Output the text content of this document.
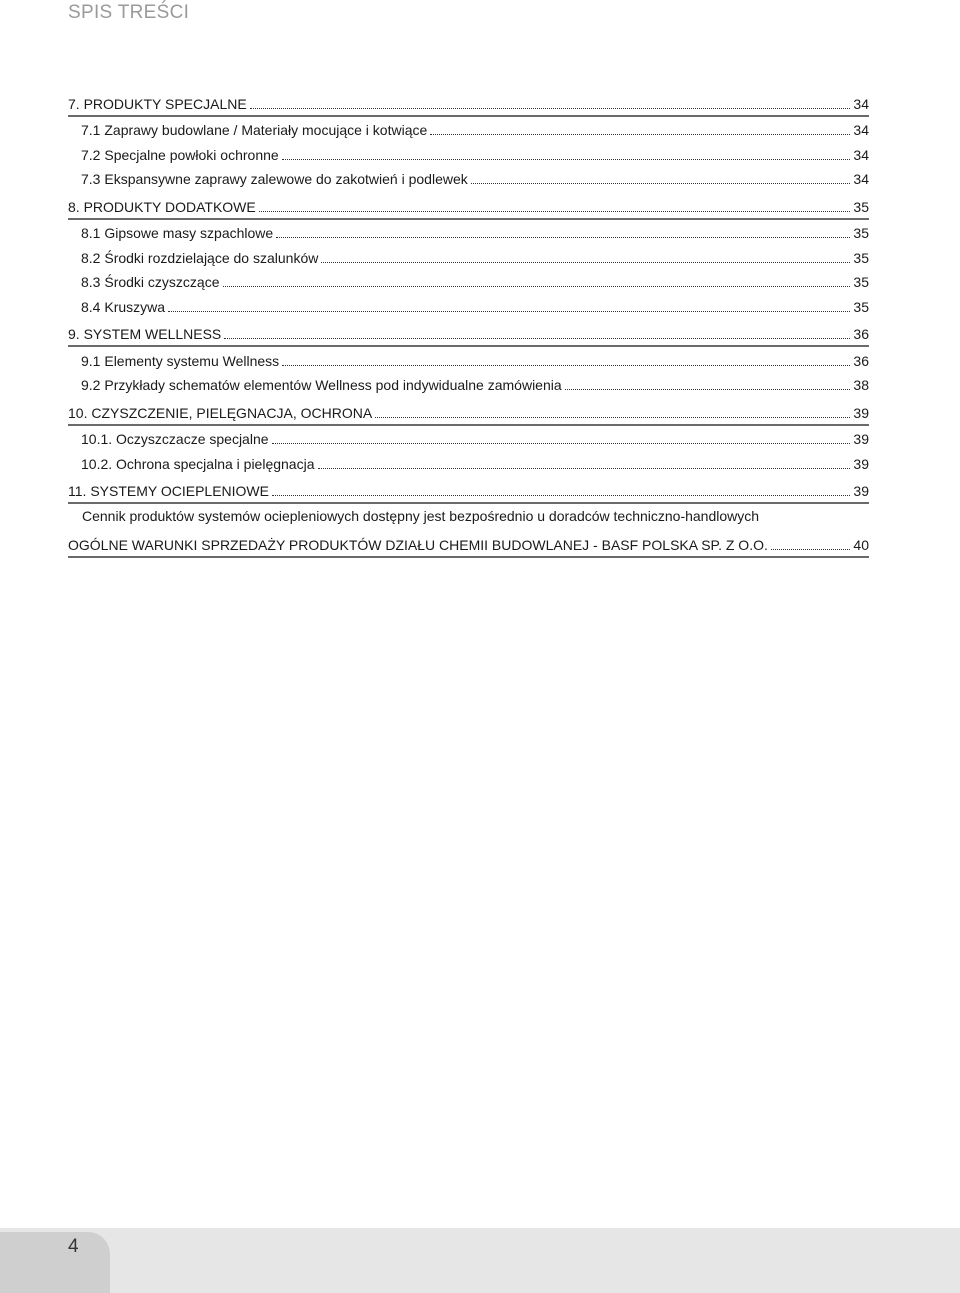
SPIS TREŚCI
7. PRODUKTY SPECJALNE	34
7.1 Zaprawy budowlane / Materiały mocujące i kotwiące	34
7.2 Specjalne powłoki ochronne	34
7.3 Ekspansywne zaprawy zalewowe do zakotwień i podlewek	34
8. PRODUKTY DODATKOWE	35
8.1 Gipsowe masy szpachlowe	35
8.2 Środki rozdzielające do szalunków	35
8.3 Środki czyszczące	35
8.4 Kruszywa	35
9. SYSTEM WELLNESS	36
9.1 Elementy systemu Wellness	36
9.2 Przykłady schematów elementów Wellness pod indywidualne zamówienia	38
10. CZYSZCZENIE, PIELĘGNACJA, OCHRONA	39
10.1. Oczyszczacze specjalne	39
10.2. Ochrona specjalna i pielęgnacja	39
11. SYSTEMY OCIEPLENIOWE	39
Cennik produktów systemów ociepleniowych dostępny jest bezpośrednio u doradców techniczno-handlowych
OGÓLNE WARUNKI SPRZEDAŻY PRODUKTÓW DZIAŁU CHEMII BUDOWLANEJ - BASF POLSKA SP. Z O.O.	40
4
